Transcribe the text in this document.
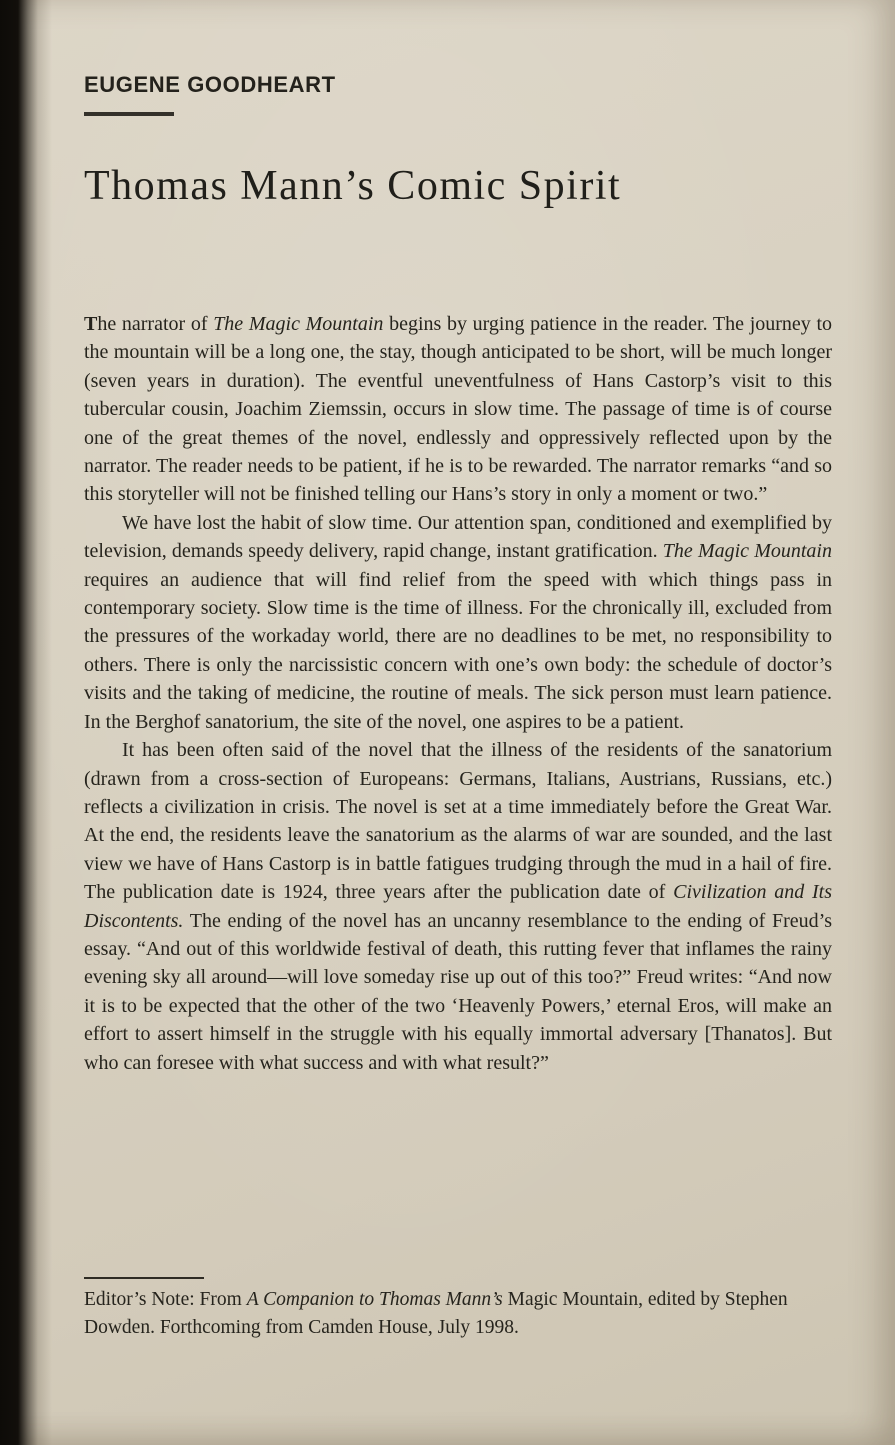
EUGENE GOODHEART
Thomas Mann’s Comic Spirit

The narrator of The Magic Mountain begins by urging patience in the reader. The journey to the mountain will be a long one, the stay, though anticipated to be short, will be much longer (seven years in duration). The eventful uneventfulness of Hans Castorp’s visit to this tubercular cousin, Joachim Ziemssin, occurs in slow time. The passage of time is of course one of the great themes of the novel, endlessly and oppressively reflected upon by the narrator. The reader needs to be patient, if he is to be rewarded. The narrator remarks “and so this storyteller will not be finished telling our Hans’s story in only a moment or two.”

We have lost the habit of slow time. Our attention span, conditioned and exemplified by television, demands speedy delivery, rapid change, instant gratification. The Magic Mountain requires an audience that will find relief from the speed with which things pass in contemporary society. Slow time is the time of illness. For the chronically ill, excluded from the pressures of the workaday world, there are no deadlines to be met, no responsibility to others. There is only the narcissistic concern with one’s own body: the schedule of doctor’s visits and the taking of medicine, the routine of meals. The sick person must learn patience. In the Berghof sanatorium, the site of the novel, one aspires to be a patient.

It has been often said of the novel that the illness of the residents of the sanatorium (drawn from a cross-section of Europeans: Germans, Italians, Austrians, Russians, etc.) reflects a civilization in crisis. The novel is set at a time immediately before the Great War. At the end, the residents leave the sanatorium as the alarms of war are sounded, and the last view we have of Hans Castorp is in battle fatigues trudging through the mud in a hail of fire. The publication date is 1924, three years after the publication date of Civilization and Its Discontents. The ending of the novel has an uncanny resemblance to the ending of Freud’s essay. “And out of this worldwide festival of death, this rutting fever that inflames the rainy evening sky all around—will love someday rise up out of this too?” Freud writes: “And now it is to be expected that the other of the two ‘Heavenly Powers,’ eternal Eros, will make an effort to assert himself in the struggle with his equally immortal adversary [Thanatos]. But who can foresee with what success and with what result?”

Editor’s Note: From A Companion to Thomas Mann’s Magic Mountain, edited by Stephen Dowden. Forthcoming from Camden House, July 1998.
